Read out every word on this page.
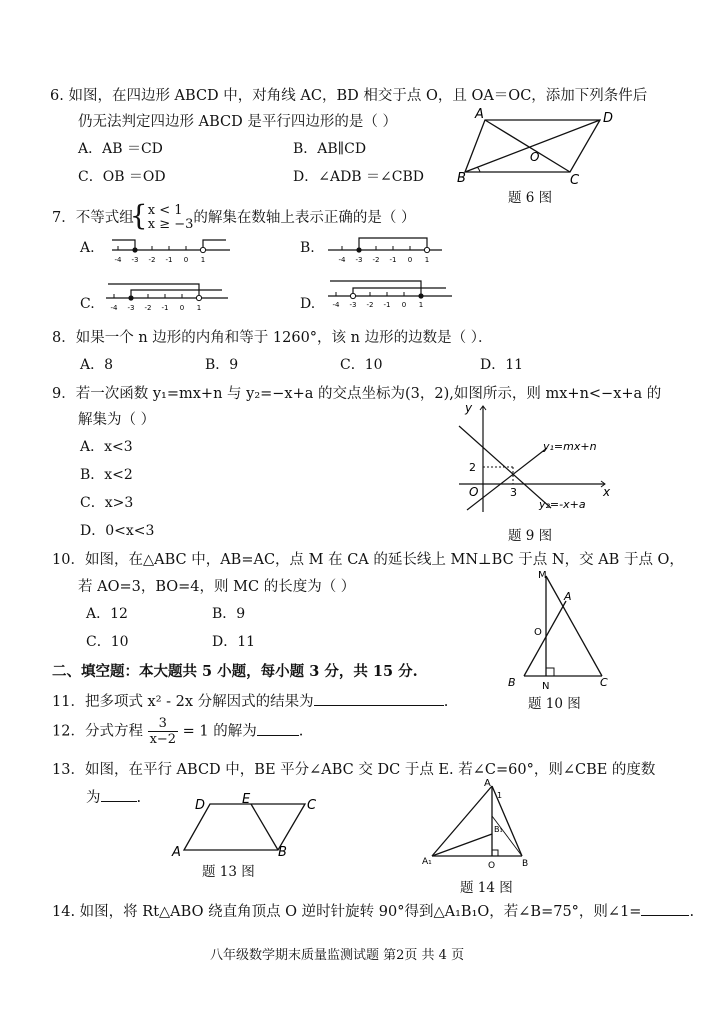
6. 如图，在四边形 ABCD 中，对角线 AC，BD 相交于点 O，且 OA＝OC，添加下列条件后
仍无法判定四边形 ABCD 是平行四边形的是（ ）
A．AB ＝CD	B．AB∥CD
C．OB ＝OD	D．∠ADB ＝∠CBD
A	D
B	C
O
题 6 图
7．不等式组
{ x < 1
x ≥ −3 的解集在数轴上表示正确的是（ ）
A.	B.
C.	D.
-4 -3 -2 -1 0 1	-4 -3 -2 -1 0 1
-4 -3 -2 -1 0 1	-4 -3 -2 -1 0 1
8．如果一个 n 边形的内角和等于 1260°，该 n 边形的边数是（ ）．
A．8	B．9	C．10	D．11
9．若一次函数 y₁=mx+n 与 y₂=−x+a 的交点坐标为(3，2),如图所示，则 mx+n<−x+a 的
解集为（ ）
A．x<3
B．x<2
C．x>3
D．0<x<3
y
x
O
2
3
y₁=mx+n
y₂=-x+a
题 9 图
10．如图，在△ABC 中，AB=AC，点 M 在 CA 的延长线上 MN⊥BC 于点 N，交 AB 于点 O，
若 AO=3，BO=4，则 MC 的长度为（ ）
A．12	B．9
C．10	D．11
M
A
O
B	N	C
题 10 图
二、填空题：本大题共 5 小题，每小题 3 分，共 15 分.
11．把多项式 x² - 2x 分解因式的结果为	.
12．分式方程 $\frac{3}{x-2} = 1$ 的解为	.
13．如图，在平行 ABCD 中，BE 平分∠ABC 交 DC 于点 E. 若∠C=60°，则∠CBE 的度数
为 .	D	E	C
A	B
题 13 图
A
B₁
A₁	O	B
1
题 14 图
14. 如图，将 Rt△ABO 绕直角顶点 O 逆时针旋转 90°得到△A₁B₁O，若∠B=75°，则∠1=	.
八年级数学期末质量监测试题 第2页 共 4 页
